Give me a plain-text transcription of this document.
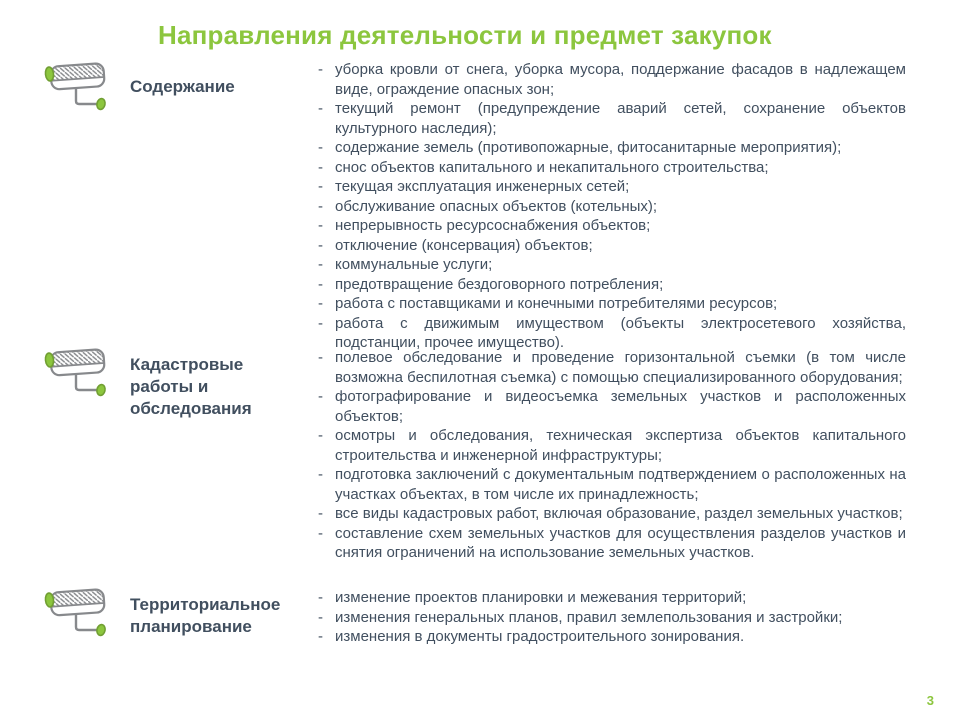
Направления деятельности и предмет закупок
Содержание
- уборка кровли от снега, уборка мусора, поддержание фасадов в надлежащем виде, ограждение опасных зон;
- текущий ремонт (предупреждение аварий сетей, сохранение объектов культурного наследия);
- содержание земель (противопожарные, фитосанитарные мероприятия);
- снос объектов капитального и некапитального строительства;
- текущая эксплуатация инженерных сетей;
- обслуживание опасных объектов (котельных);
- непрерывность ресурсоснабжения объектов;
- отключение (консервация) объектов;
- коммунальные услуги;
- предотвращение бездоговорного потребления;
- работа с поставщиками и конечными потребителями ресурсов;
- работа с движимым имуществом (объекты электросетевого хозяйства, подстанции, прочее имущество).
Кадастровые работы и обследования
- полевое обследование и проведение горизонтальной съемки (в том числе возможна беспилотная съемка) с помощью специализированного оборудования;
- фотографирование и видеосъемка земельных участков и расположенных объектов;
- осмотры и обследования, техническая экспертиза объектов капитального строительства и инженерной инфраструктуры;
- подготовка заключений с документальным подтверждением о расположенных на участках объектах, в том числе их принадлежность;
- все виды кадастровых работ, включая образование, раздел земельных участков;
- составление схем земельных участков для осуществления разделов участков и снятия ограничений на использование земельных участков.
Территориальное планирование
- изменение проектов планировки и межевания территорий;
- изменения генеральных планов, правил землепользования и застройки;
- изменения в документы градостроительного зонирования.
3
